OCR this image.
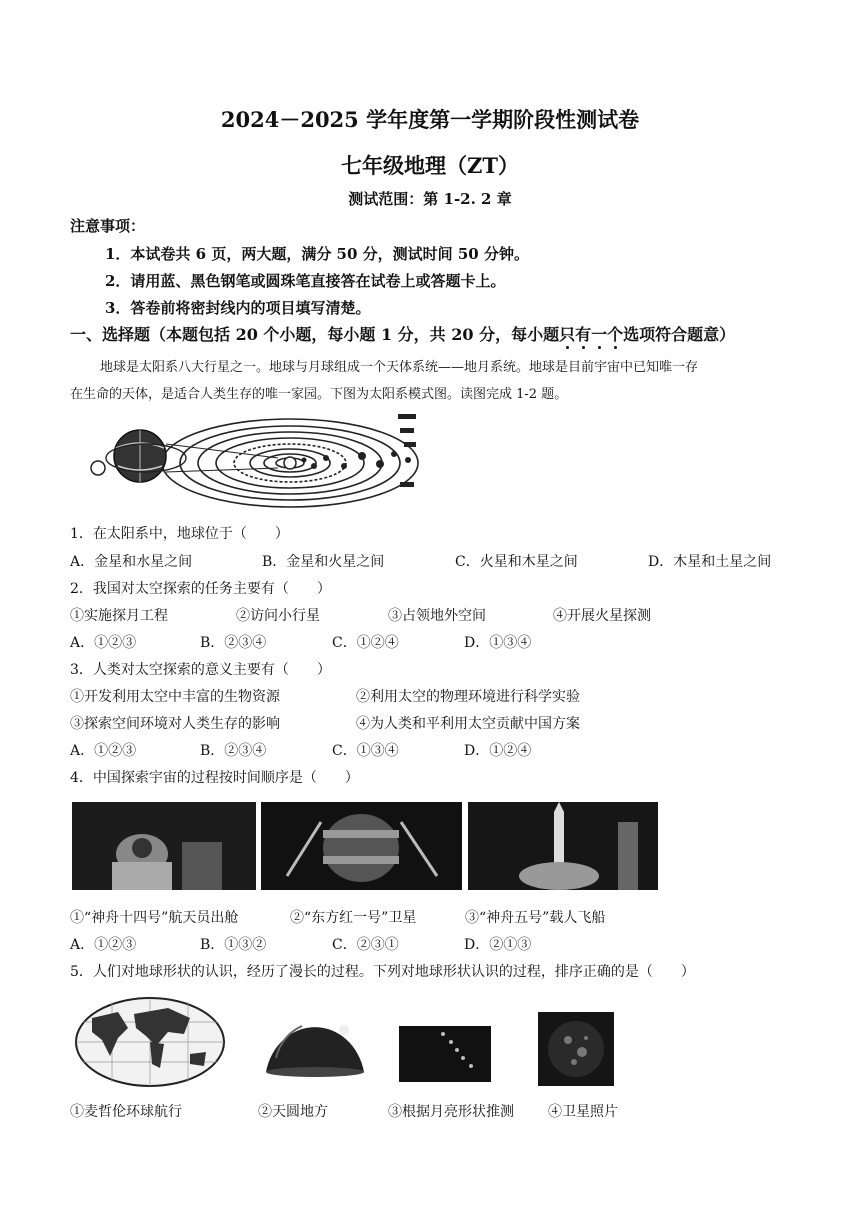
2024－2025 学年度第一学期阶段性测试卷
七年级地理（ZT）
测试范围：第 1-2. 2 章
注意事项：
1．本试卷共 6 页，两大题，满分 50 分，测试时间 50 分钟。
2．请用蓝、黑色钢笔或圆珠笔直接答在试卷上或答题卡上。
3．答卷前将密封线内的项目填写清楚。
一、选择题（本题包括 20 个小题，每小题 1 分，共 20 分，每小题只有一个选项符合题意）
地球是太阳系八大行星之一。地球与月球组成一个天体系统——地月系统。地球是目前宇宙中已知唯一存
在生命的天体，是适合人类生存的唯一家园。下图为太阳系模式图。读图完成 1-2 题。
1．在太阳系中，地球位于（　　）
A．金星和水星之间	B．金星和火星之间	C．火星和木星之间	D．木星和土星之间
2．我国对太空探索的任务主要有（　　）
①实施探月工程	②访问小行星	③占领地外空间	④开展火星探测
A．①②③	B．②③④	C．①②④	D．①③④
3．人类对太空探索的意义主要有（　　）
①开发利用太空中丰富的生物资源	②利用太空的物理环境进行科学实验
③探索空间环境对人类生存的影响	④为人类和平利用太空贡献中国方案
A．①②③	B．②③④	C．①③④	D．①②④
4．中国探索宇宙的过程按时间顺序是（　　）
①“神舟十四号”航天员出舱	②“东方红一号”卫星	③“神舟五号”载人飞船
A．①②③	B．①③②	C．②③①	D．②①③
5．人们对地球形状的认识，经历了漫长的过程。下列对地球形状认识的过程，排序正确的是（　　）
①麦哲伦环球航行	②天圆地方	③根据月亮形状推测 ④卫星照片
